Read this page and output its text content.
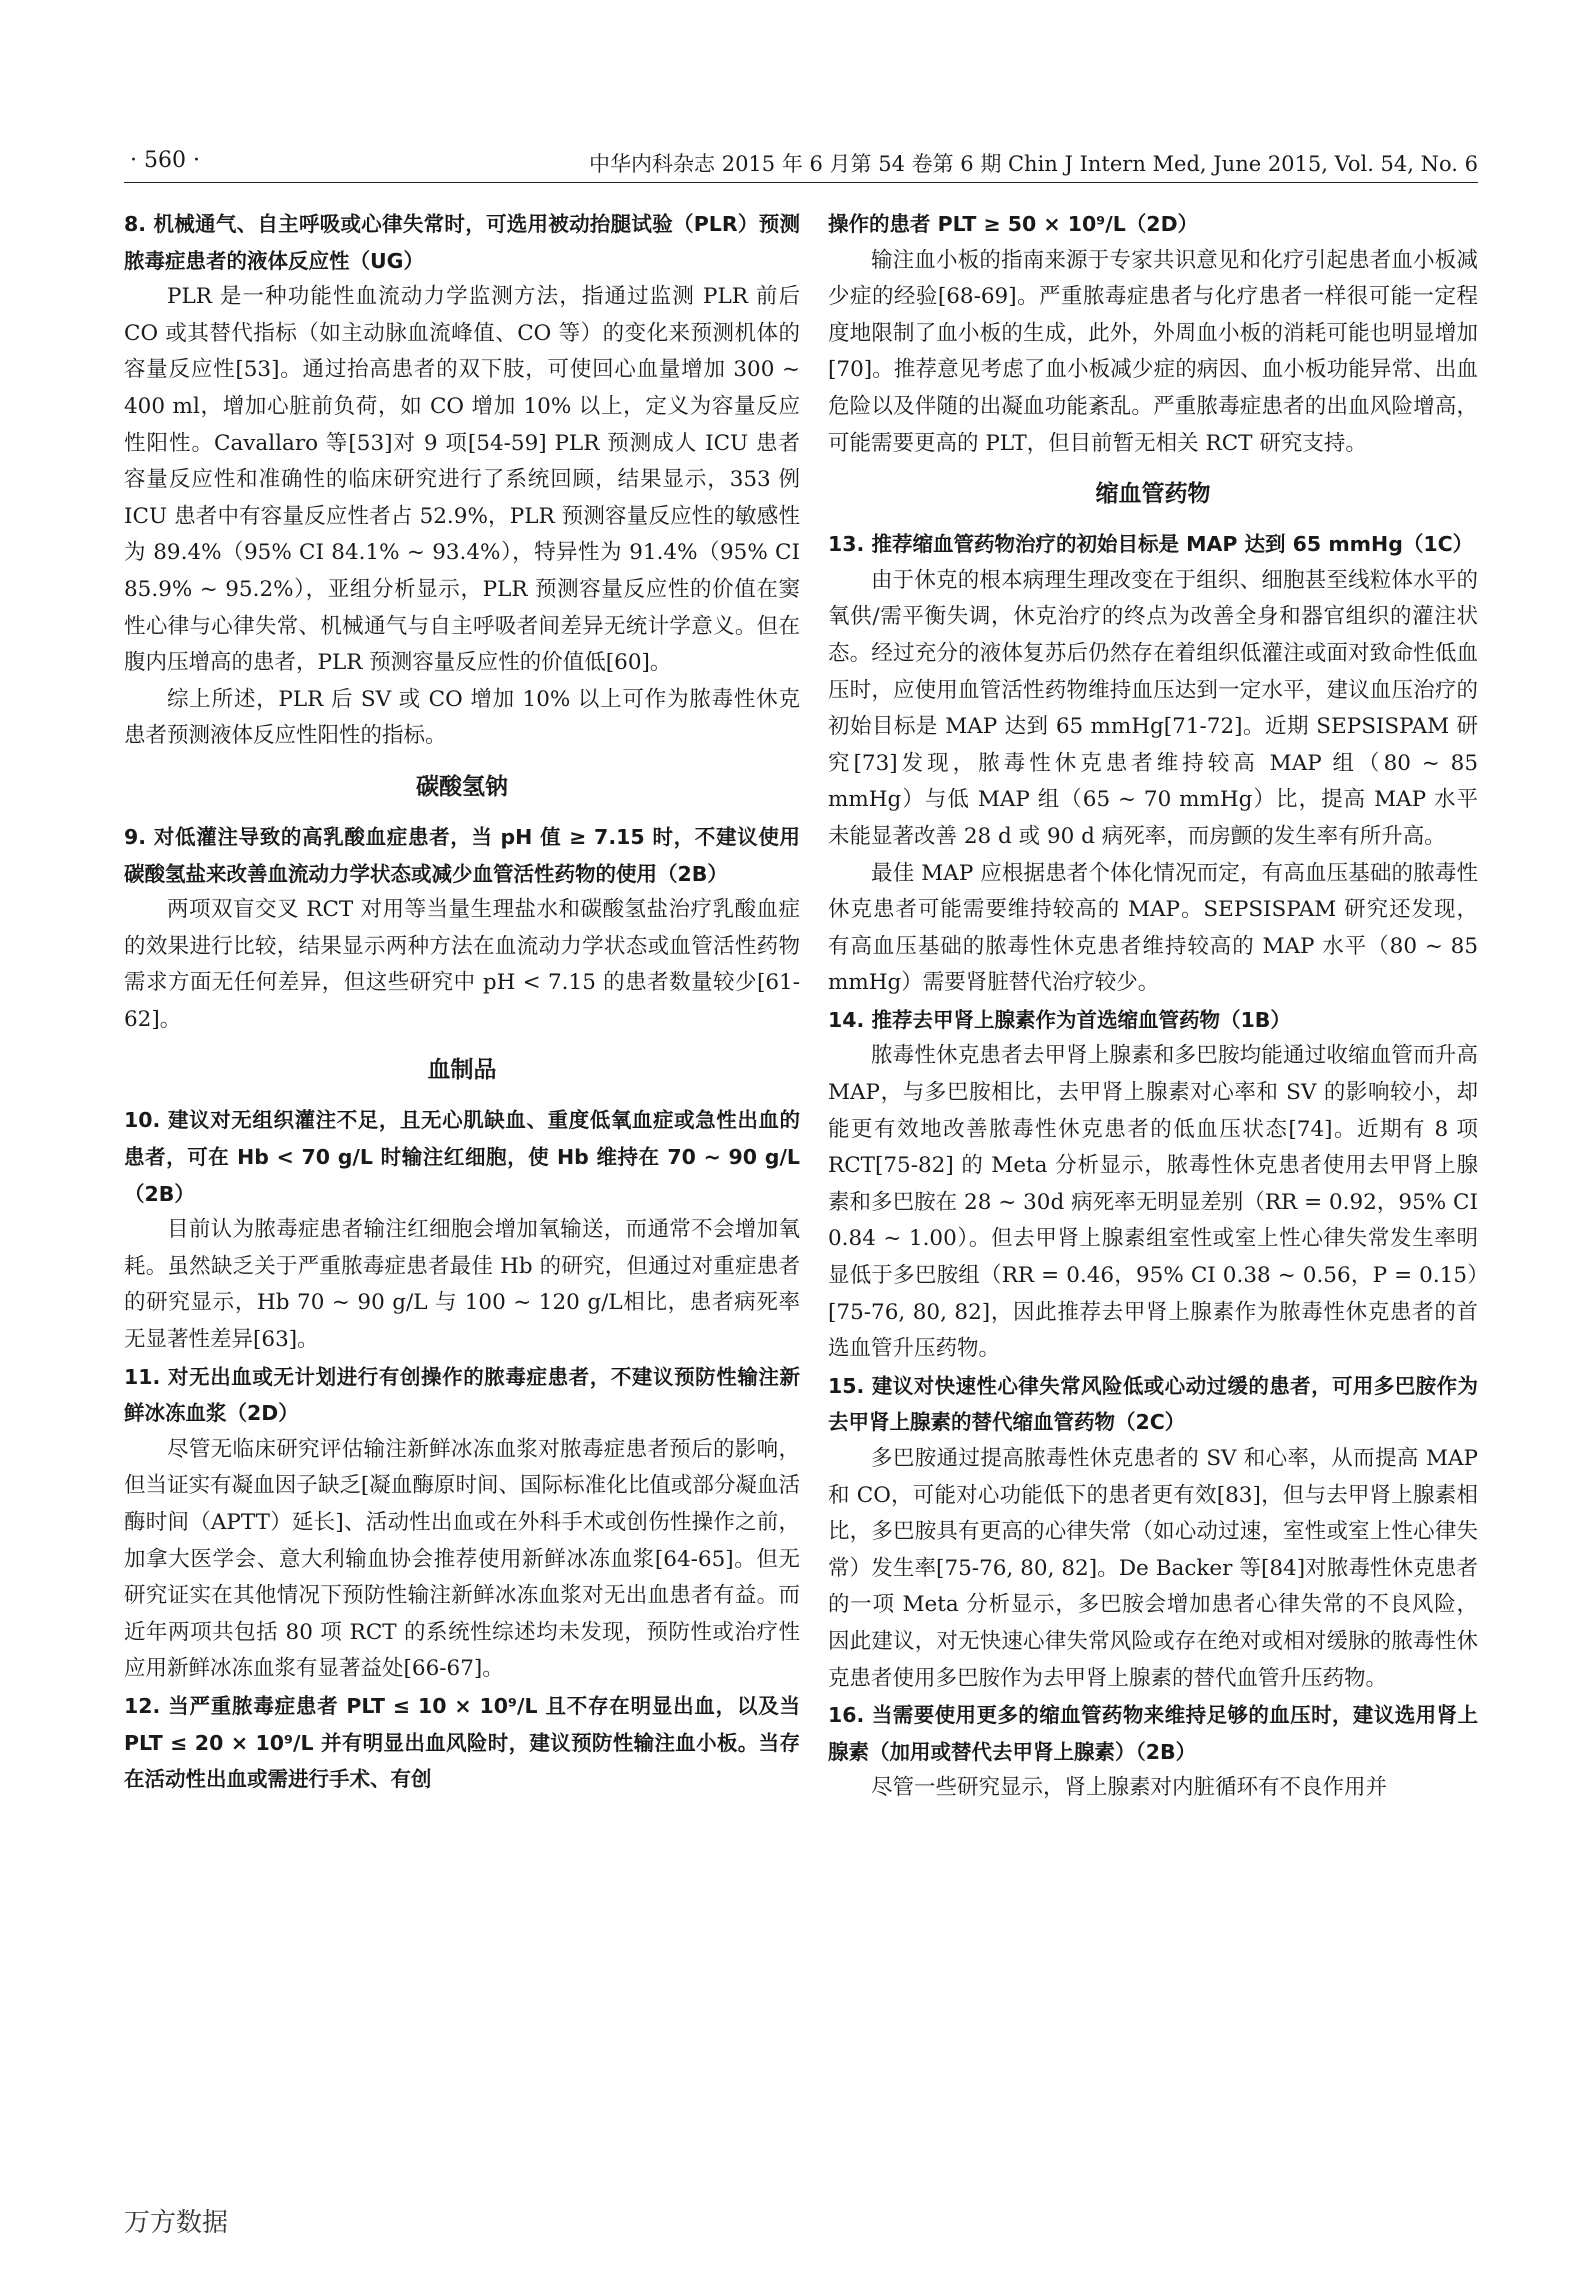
· 560 ·	中华内科杂志 2015 年 6 月第 54 卷第 6 期 Chin J Intern Med, June 2015, Vol. 54, No. 6

8. 机械通气、自主呼吸或心律失常时，可选用被动抬腿试验（PLR）预测脓毒症患者的液体反应性（UG）

PLR 是一种功能性血流动力学监测方法，指通过监测 PLR 前后 CO 或其替代指标（如主动脉血流峰值、CO 等）的变化来预测机体的容量反应性[53]。通过抬高患者的双下肢，可使回心血量增加 300 ~ 400 ml，增加心脏前负荷，如 CO 增加 10% 以上，定义为容量反应性阳性。Cavallaro 等[53]对 9 项[54-59] PLR 预测成人 ICU 患者容量反应性和准确性的临床研究进行了系统回顾，结果显示，353 例 ICU 患者中有容量反应性者占 52.9%，PLR 预测容量反应性的敏感性为 89.4%（95% CI 84.1% ~ 93.4%），特异性为 91.4%（95% CI 85.9% ~ 95.2%），亚组分析显示，PLR 预测容量反应性的价值在窦性心律与心律失常、机械通气与自主呼吸者间差异无统计学意义。但在腹内压增高的患者，PLR 预测容量反应性的价值低[60]。

综上所述，PLR 后 SV 或 CO 增加 10% 以上可作为脓毒性休克患者预测液体反应性阳性的指标。

碳酸氢钠

9. 对低灌注导致的高乳酸血症患者，当 pH 值 ≥ 7.15 时，不建议使用碳酸氢盐来改善血流动力学状态或减少血管活性药物的使用（2B）

两项双盲交叉 RCT 对用等当量生理盐水和碳酸氢盐治疗乳酸血症的效果进行比较，结果显示两种方法在血流动力学状态或血管活性药物需求方面无任何差异，但这些研究中 pH < 7.15 的患者数量较少[61-62]。

血制品

10. 建议对无组织灌注不足，且无心肌缺血、重度低氧血症或急性出血的患者，可在 Hb < 70 g/L 时输注红细胞，使 Hb 维持在 70 ~ 90 g/L（2B）

目前认为脓毒症患者输注红细胞会增加氧输送，而通常不会增加氧耗。虽然缺乏关于严重脓毒症患者最佳 Hb 的研究，但通过对重症患者的研究显示，Hb 70 ~ 90 g/L 与 100 ~ 120 g/L相比，患者病死率无显著性差异[63]。

11. 对无出血或无计划进行有创操作的脓毒症患者，不建议预防性输注新鲜冰冻血浆（2D）

尽管无临床研究评估输注新鲜冰冻血浆对脓毒症患者预后的影响，但当证实有凝血因子缺乏[凝血酶原时间、国际标准化比值或部分凝血活酶时间（APTT）延长]、活动性出血或在外科手术或创伤性操作之前，加拿大医学会、意大利输血协会推荐使用新鲜冰冻血浆[64-65]。但无研究证实在其他情况下预防性输注新鲜冰冻血浆对无出血患者有益。而近年两项共包括 80 项 RCT 的系统性综述均未发现，预防性或治疗性应用新鲜冰冻血浆有显著益处[66-67]。

12. 当严重脓毒症患者 PLT ≤ 10 × 10⁹/L 且不存在明显出血，以及当 PLT ≤ 20 × 10⁹/L 并有明显出血风险时，建议预防性输注血小板。当存在活动性出血或需进行手术、有创

操作的患者 PLT ≥ 50 × 10⁹/L（2D）

输注血小板的指南来源于专家共识意见和化疗引起患者血小板减少症的经验[68-69]。严重脓毒症患者与化疗患者一样很可能一定程度地限制了血小板的生成，此外，外周血小板的消耗可能也明显增加[70]。推荐意见考虑了血小板减少症的病因、血小板功能异常、出血危险以及伴随的出凝血功能紊乱。严重脓毒症患者的出血风险增高，可能需要更高的 PLT，但目前暂无相关 RCT 研究支持。

缩血管药物

13. 推荐缩血管药物治疗的初始目标是 MAP 达到 65 mmHg（1C）

由于休克的根本病理生理改变在于组织、细胞甚至线粒体水平的氧供/需平衡失调，休克治疗的终点为改善全身和器官组织的灌注状态。经过充分的液体复苏后仍然存在着组织低灌注或面对致命性低血压时，应使用血管活性药物维持血压达到一定水平，建议血压治疗的初始目标是 MAP 达到 65 mmHg[71-72]。近期 SEPSISPAM 研究[73]发现，脓毒性休克患者维持较高 MAP 组（80 ~ 85 mmHg）与低 MAP 组（65 ~ 70 mmHg）比，提高 MAP 水平未能显著改善 28 d 或 90 d 病死率，而房颤的发生率有所升高。

最佳 MAP 应根据患者个体化情况而定，有高血压基础的脓毒性休克患者可能需要维持较高的 MAP。SEPSISPAM 研究还发现，有高血压基础的脓毒性休克患者维持较高的 MAP 水平（80 ~ 85 mmHg）需要肾脏替代治疗较少。

14. 推荐去甲肾上腺素作为首选缩血管药物（1B）

脓毒性休克患者去甲肾上腺素和多巴胺均能通过收缩血管而升高 MAP，与多巴胺相比，去甲肾上腺素对心率和 SV 的影响较小，却能更有效地改善脓毒性休克患者的低血压状态[74]。近期有 8 项 RCT[75-82] 的 Meta 分析显示，脓毒性休克患者使用去甲肾上腺素和多巴胺在 28 ~ 30d 病死率无明显差别（RR = 0.92，95% CI 0.84 ~ 1.00）。但去甲肾上腺素组室性或室上性心律失常发生率明显低于多巴胺组（RR = 0.46，95% CI 0.38 ~ 0.56，P = 0.15）[75-76, 80, 82]，因此推荐去甲肾上腺素作为脓毒性休克患者的首选血管升压药物。

15. 建议对快速性心律失常风险低或心动过缓的患者，可用多巴胺作为去甲肾上腺素的替代缩血管药物（2C）

多巴胺通过提高脓毒性休克患者的 SV 和心率，从而提高 MAP 和 CO，可能对心功能低下的患者更有效[83]，但与去甲肾上腺素相比，多巴胺具有更高的心律失常（如心动过速，室性或室上性心律失常）发生率[75-76, 80, 82]。De Backer 等[84]对脓毒性休克患者的一项 Meta 分析显示，多巴胺会增加患者心律失常的不良风险，因此建议，对无快速心律失常风险或存在绝对或相对缓脉的脓毒性休克患者使用多巴胺作为去甲肾上腺素的替代血管升压药物。

16. 当需要使用更多的缩血管药物来维持足够的血压时，建议选用肾上腺素（加用或替代去甲肾上腺素）（2B）

尽管一些研究显示，肾上腺素对内脏循环有不良作用并

万方数据
